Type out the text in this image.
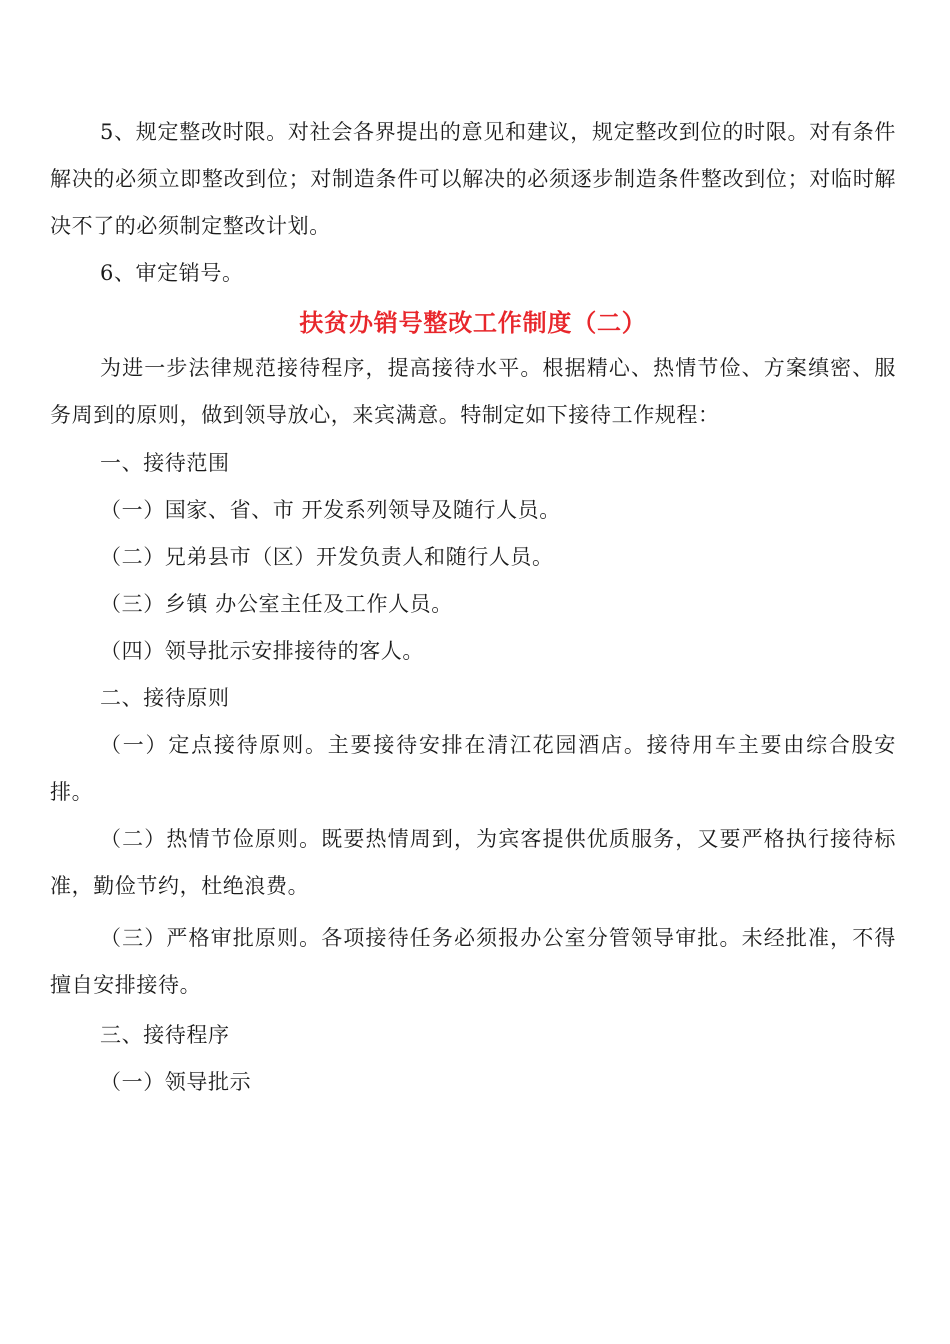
5、规定整改时限。对社会各界提出的意见和建议，规定整改到位的时限。对有条件解决的必须立即整改到位；对制造条件可以解决的必须逐步制造条件整改到位；对临时解决不了的必须制定整改计划。

6、审定销号。

扶贫办销号整改工作制度（二）

为进一步法律规范接待程序，提高接待水平。根据精心、热情节俭、方案缜密、服务周到的原则，做到领导放心，来宾满意。特制定如下接待工作规程：

一、接待范围

（一）国家、省、市 开发系列领导及随行人员。

（二）兄弟县市（区）开发负责人和随行人员。

（三）乡镇 办公室主任及工作人员。

（四）领导批示安排接待的客人。

二、接待原则

（一）定点接待原则。主要接待安排在清江花园酒店。接待用车主要由综合股安排。

（二）热情节俭原则。既要热情周到，为宾客提供优质服务，又要严格执行接待标准，勤俭节约，杜绝浪费。

（三）严格审批原则。各项接待任务必须报办公室分管领导审批。未经批准，不得擅自安排接待。

三、接待程序

（一）领导批示
